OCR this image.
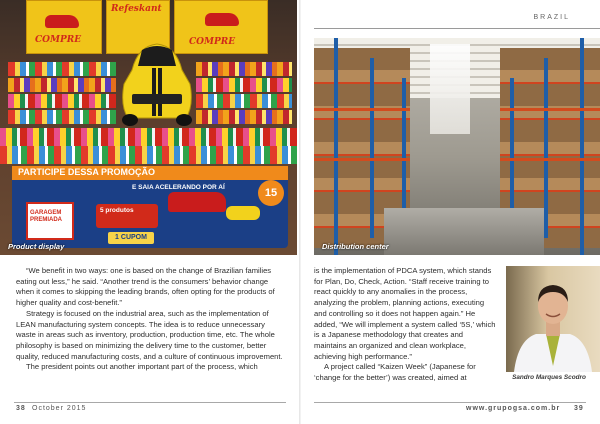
COMPRE
Refeskant
COMPRE
PARTICIPE DESSA PROMOÇÃO
E SAIA ACELERANDO POR AÍ	15
GARAGEM PREMIADA
5 produtos
1 CUPOM
Product display
BRAZIL
Distribution center

“We benefit in two ways: one is based on the change of Brazilian families eating out less,” he said. “Another trend is the consumers’ behavior change when it comes to skipping the leading brands, often opting for the products of higher quality and cost-benefit.”

Strategy is focused on the industrial area, such as the implementation of LEAN manufacturing system concepts. The idea is to reduce unnecessary waste in areas such as inventory, production, production time, etc. The whole philosophy is based on minimizing the delivery time to the customer, better quality, reduced manufacturing costs, and a culture of continuous improvement.

The president points out another important part of the process, which

is the implementation of PDCA system, which stands for Plan, Do, Check, Action. “Staff receive training to react quickly to any anomalies in the process, analyzing the problem, planning actions, executing and controlling so it does not happen again.” He added, “We will implement a system called ‘5S,’ which is a Japanese methodology that creates and maintains an organized and clean workplace, achieving high performance.”

A project called “Kaizen Week” (Japanese for ‘change for the better’) was created, aimed at	Sandro Marques Scodro
38 October 2015	www.grupogsa.com.br 39
